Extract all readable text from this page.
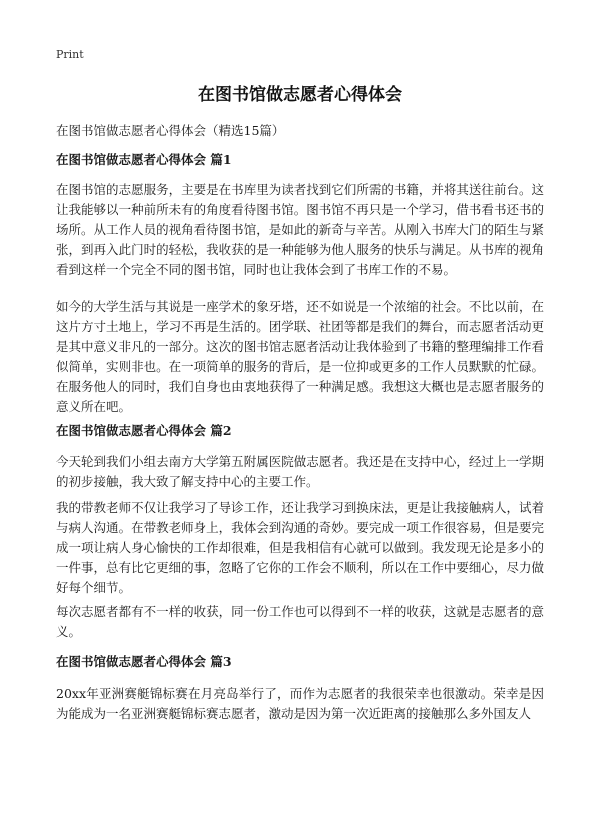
Print
在图书馆做志愿者心得体会
在图书馆做志愿者心得体会（精选15篇）

在图书馆做志愿者心得体会 篇1

在图书馆的志愿服务，主要是在书库里为读者找到它们所需的书籍，并将其送往前台。这让我能够以一种前所未有的角度看待图书馆。图书馆不再只是一个学习，借书看书还书的场所。从工作人员的视角看待图书馆，是如此的新奇与辛苦。从刚入书库大门的陌生与紧张，到再入此门时的轻松，我收获的是一种能够为他人服务的快乐与满足。从书库的视角看到这样一个完全不同的图书馆，同时也让我体会到了书库工作的不易。

如今的大学生活与其说是一座学术的象牙塔，还不如说是一个浓缩的社会。不比以前，在这片方寸土地上，学习不再是生活的。团学联、社团等都是我们的舞台，而志愿者活动更是其中意义非凡的一部分。这次的图书馆志愿者活动让我体验到了书籍的整理编排工作看似简单，实则非也。在一项简单的服务的背后，是一位抑或更多的工作人员默默的忙碌。在服务他人的同时，我们自身也由衷地获得了一种满足感。我想这大概也是志愿者服务的意义所在吧。

在图书馆做志愿者心得体会 篇2

今天轮到我们小组去南方大学第五附属医院做志愿者。我还是在支持中心，经过上一学期的初步接触，我大致了解支持中心的主要工作。

我的带教老师不仅让我学习了导诊工作，还让我学习到换床法，更是让我接触病人，试着与病人沟通。在带教老师身上，我体会到沟通的奇妙。要完成一项工作很容易，但是要完成一项让病人身心愉快的工作却很难，但是我相信有心就可以做到。我发现无论是多小的一件事，总有比它更细的事，忽略了它你的工作会不顺利，所以在工作中要细心，尽力做好每个细节。

每次志愿者都有不一样的收获，同一份工作也可以得到不一样的收获，这就是志愿者的意义。

在图书馆做志愿者心得体会 篇3

20xx年亚洲赛艇锦标赛在月亮岛举行了，而作为志愿者的我很荣幸也很激动。荣幸是因为能成为一名亚洲赛艇锦标赛志愿者，激动是因为第一次近距离的接触那么多外国友人
